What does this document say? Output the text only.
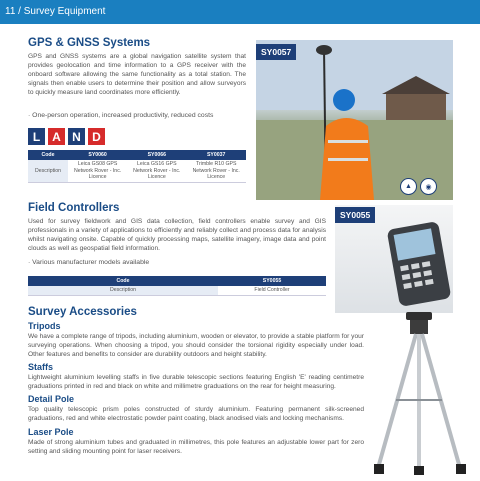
11 / Survey Equipment
GPS & GNSS Systems

GPS and GNSS systems are a global navigation satellite system that provides geolocation and time information to a GPS receiver with the onboard software allowing the same functionality as a total station. The signals then enable users to determine their position and allow surveyors to quickly measure land coordinates more efficiently.

· One-person operation, increased productivity, reduced costs
L A N D
Code	SY0060	SY0066	SY0037
Description	Leica GS08 GPS Network Rover - Inc. Licence	Leica GS16 GPS Network Rover - Inc. Licence	Trimble R10 GPS Network Rover - Inc. Licence
SY0057
▲	◉
Field Controllers

Used for survey fieldwork and GIS data collection, field controllers enable survey and GIS professionals in a variety of applications to efficiently and reliably collect and process data for analysis whilst navigating onsite. Capable of quickly processing maps, satellite imagery, image data and point clouds as well as geospatial field information.

· Various manufacturer models available
Code	SY0055
Description	Field Controller
SY0055
Survey Accessories
Tripods

We have a complete range of tripods, including aluminium, wooden or elevator, to provide a stable platform for your surveying operations. When choosing a tripod, you should consider the torsional rigidity especially under load. Other features and benefits to consider are durability outdoors and height stability.

Staffs

Lightweight aluminium levelling staffs in five durable telescopic sections featuring English 'E' reading centimetre graduations printed in red and black on white and millimetre graduations on the rear for height measuring.

Detail Pole

Top quality telescopic prism poles constructed of sturdy aluminium. Featuring permanent silk-screened graduations, red and white electrostatic powder paint coating, black anodised vials and locking mechanisms.

Laser Pole

Made of strong aluminium tubes and graduated in millimetres, this pole features an adjustable lower part for zero setting and sliding mounting point for laser receivers.
